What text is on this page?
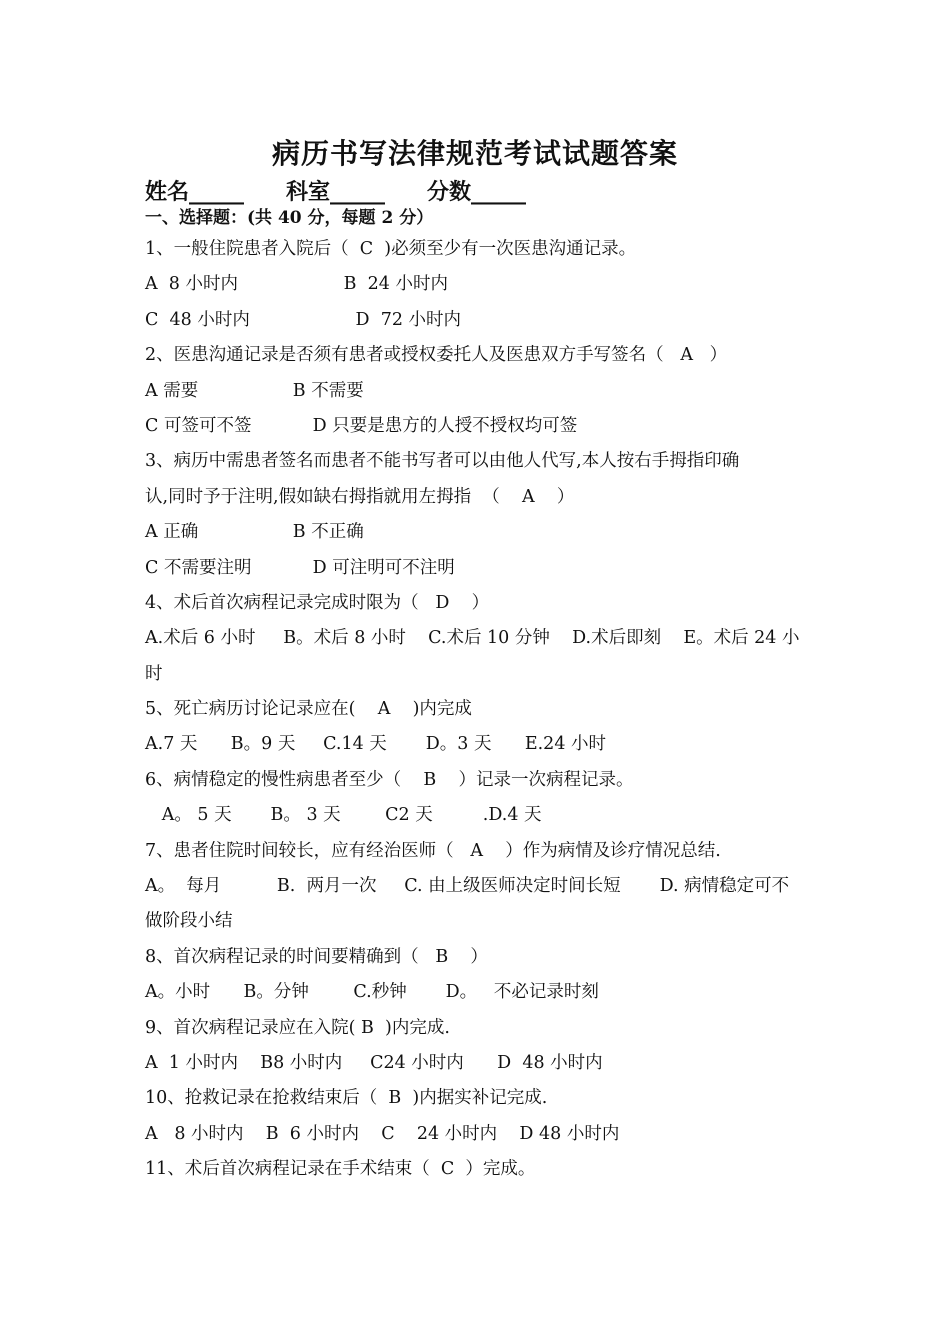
病历书写法律规范考试试题答案
姓名_____ 科室_____ 分数_____
一、选择题：(共 40 分，每题 2 分）
1、一般住院患者入院后（  C  )必须至少有一次医患沟通记录。
A  8 小时内                   B  24 小时内
C  48 小时内                   D  72 小时内
2、医患沟通记录是否须有患者或授权委托人及医患双方手写签名（   A   ）
A 需要                 B 不需要
C 可签可不签           D 只要是患方的人授不授权均可签
3、病历中需患者签名而患者不能书写者可以由他人代写,本人按右手拇指印确
认,同时予于注明,假如缺右拇指就用左拇指  （    A    ）
A 正确                 B 不正确
C 不需要注明           D 可注明可不注明
4、术后首次病程记录完成时限为（   D    ）
A.术后 6 小时     B。术后 8 小时    C.术后 10 分钟    D.术后即刻    E。术后 24 小
时
5、死亡病历讨论记录应在(    A    )内完成
A.7 天      B。9 天     C.14 天       D。3 天      E.24 小时
6、病情稳定的慢性病患者至少（    B    ）记录一次病程记录。
A。 5 天       B。 3 天        C2 天         .D.4 天
7、患者住院时间较长，应有经治医师（   A    ）作为病情及诊疗情况总结.
A。  每月          B.  两月一次     C. 由上级医师决定时间长短       D. 病情稳定可不
做阶段小结
8、首次病程记录的时间要精确到（   B    ）
A。小时      B。分钟        C.秒钟       D。   不必记录时刻
9、首次病程记录应在入院( B  )内完成.
A  1 小时内    B8 小时内     C24 小时内      D  48 小时内
10、抢救记录在抢救结束后（  B  )内据实补记完成.
A   8 小时内    B  6 小时内    C    24 小时内    D 48 小时内
11、术后首次病程记录在手术结束（  C  ）完成。
